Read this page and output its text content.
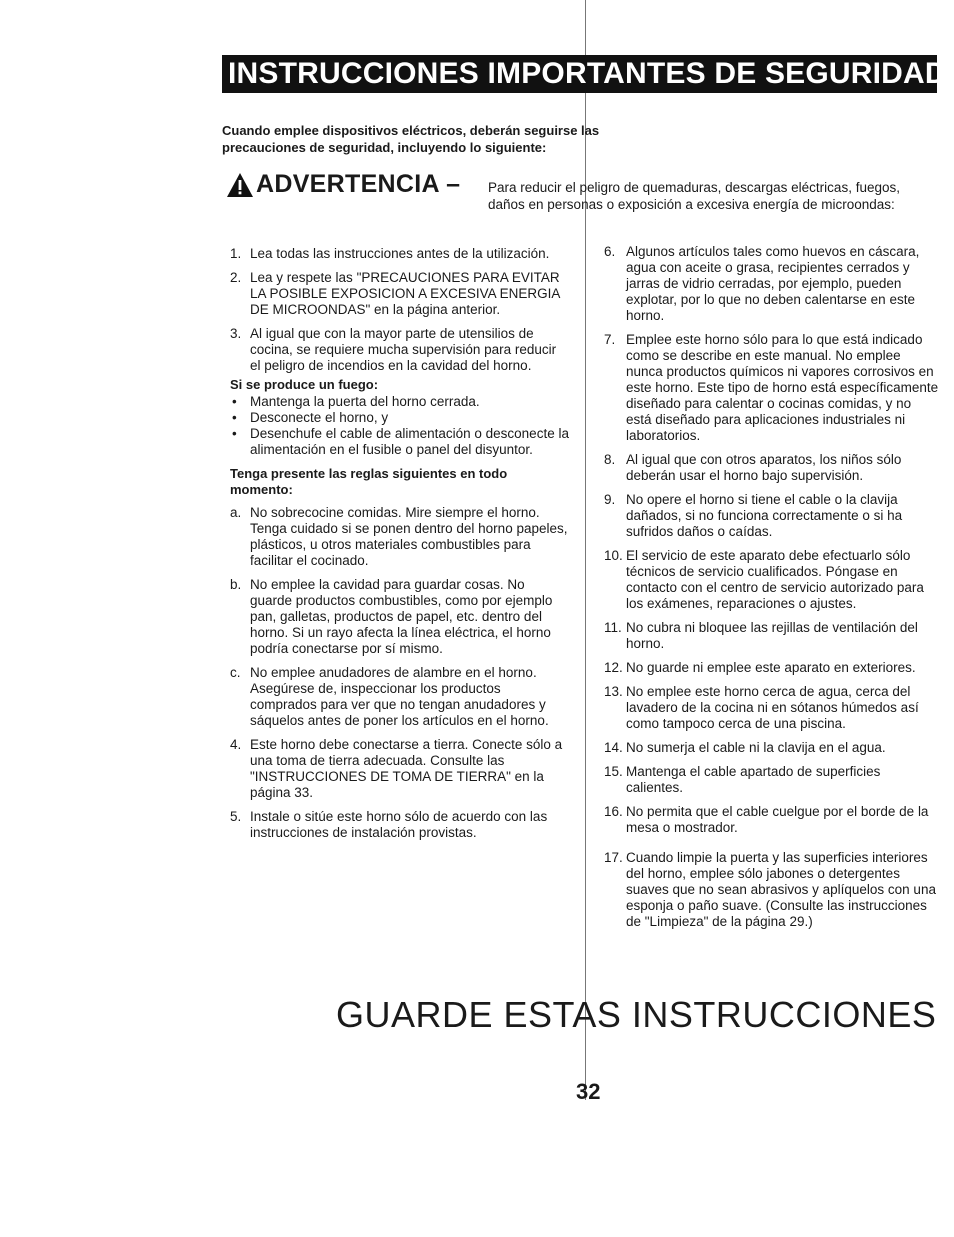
INSTRUCCIONES IMPORTANTES DE SEGURIDAD
Cuando emplee dispositivos eléctricos, deberán seguirse las precauciones de seguridad, incluyendo lo siguiente:
ADVERTENCIA – Para reducir el peligro de quemaduras, descargas eléctricas, fuegos, daños en personas o exposición a excesiva energía de microondas:
1. Lea todas las instrucciones antes de la utilización.
2. Lea y respete las "PRECAUCIONES PARA EVITAR LA POSIBLE EXPOSICION A EXCESIVA ENERGIA DE MICROONDAS" en la página anterior.
3. Al igual que con la mayor parte de utensilios de cocina, se requiere mucha supervisión para reducir el peligro de incendios en la cavidad del horno.
Si se produce un fuego:
• Mantenga la puerta del horno cerrada.
• Desconecte el horno, y
• Desenchufe el cable de alimentación o desconecte la alimentación en el fusible o panel del disyuntor.
Tenga presente las reglas siguientes en todo momento:
a. No sobrecocine comidas. Mire siempre el horno. Tenga cuidado si se ponen dentro del horno papeles, plásticos, u otros materiales combustibles para facilitar el cocinado.
b. No emplee la cavidad para guardar cosas. No guarde productos combustibles, como por ejemplo pan, galletas, productos de papel, etc. dentro del horno. Si un rayo afecta la línea eléctrica, el horno podría conectarse por sí mismo.
c. No emplee anudadores de alambre en el horno. Asegúrese de, inspeccionar los productos comprados para ver que no tengan anudadores y sáquelos antes de poner los artículos en el horno.
4. Este horno debe conectarse a tierra. Conecte sólo a una toma de tierra adecuada. Consulte las "INSTRUCCIONES DE TOMA DE TIERRA" en la página 33.
5. Instale o sitúe este horno sólo de acuerdo con las instrucciones de instalación provistas.
6. Algunos artículos tales como huevos en cáscara, agua con aceite o grasa, recipientes cerrados y jarras de vidrio cerradas, por ejemplo, pueden explotar, por lo que no deben calentarse en este horno.
7. Emplee este horno sólo para lo que está indicado como se describe en este manual. No emplee nunca productos químicos ni vapores corrosivos en este horno. Este tipo de horno está específicamente diseñado para calentar o cocinas comidas, y no está diseñado para aplicaciones industriales ni laboratorios.
8. Al igual que con otros aparatos, los niños sólo deberán usar el horno bajo supervisión.
9. No opere el horno si tiene el cable o la clavija dañados, si no funciona correctamente o si ha sufridos daños o caídas.
10. El servicio de este aparato debe efectuarlo sólo técnicos de servicio cualificados. Póngase en contacto con el centro de servicio autorizado para los exámenes, reparaciones o ajustes.
11. No cubra ni bloquee las rejillas de ventilación del horno.
12. No guarde ni emplee este aparato en exteriores.
13. No emplee este horno cerca de agua, cerca del lavadero de la cocina ni en sótanos húmedos así como tampoco cerca de una piscina.
14. No sumerja el cable ni la clavija en el agua.
15. Mantenga el cable apartado de superficies calientes.
16. No permita que el cable cuelgue por el borde de la mesa o mostrador.
17. Cuando limpie la puerta y las superficies interiores del horno, emplee sólo jabones o detergentes suaves que no sean abrasivos y aplíquelos con una esponja o paño suave. (Consulte las instrucciones de "Limpieza" de la página 29.)
GUARDE ESTAS INSTRUCCIONES
32
